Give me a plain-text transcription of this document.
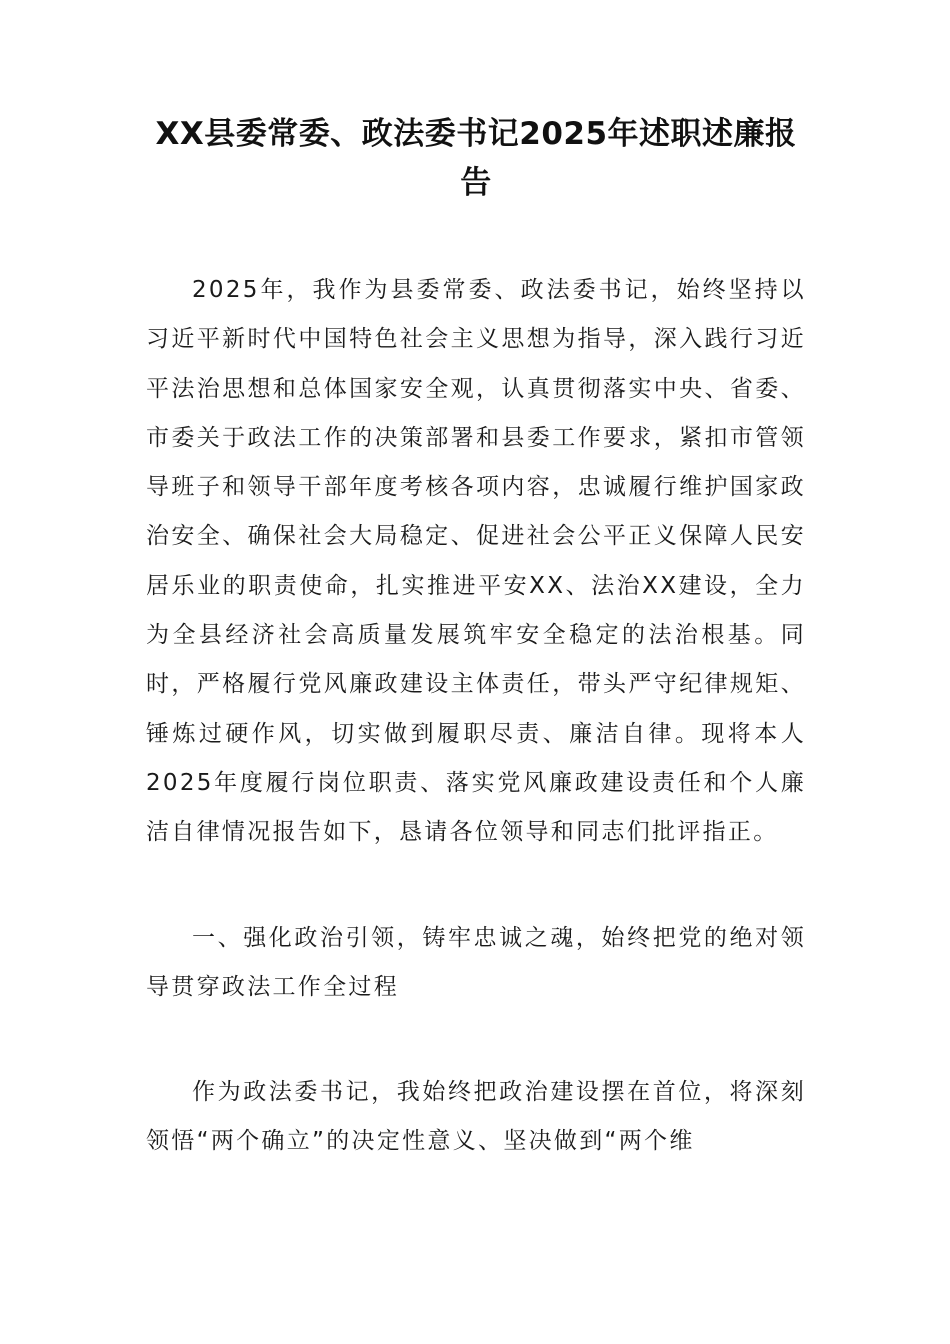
XX县委常委、政法委书记2025年述职述廉报告

2025年，我作为县委常委、政法委书记，始终坚持以习近平新时代中国特色社会主义思想为指导，深入践行习近平法治思想和总体国家安全观，认真贯彻落实中央、省委、市委关于政法工作的决策部署和县委工作要求，紧扣市管领导班子和领导干部年度考核各项内容，忠诚履行维护国家政治安全、确保社会大局稳定、促进社会公平正义保障人民安居乐业的职责使命，扎实推进平安XX、法治XX建设，全力为全县经济社会高质量发展筑牢安全稳定的法治根基。同时，严格履行党风廉政建设主体责任，带头严守纪律规矩、锤炼过硬作风，切实做到履职尽责、廉洁自律。现将本人2025年度履行岗位职责、落实党风廉政建设责任和个人廉洁自律情况报告如下，恳请各位领导和同志们批评指正。

一、强化政治引领，铸牢忠诚之魂，始终把党的绝对领导贯穿政法工作全过程

作为政法委书记，我始终把政治建设摆在首位，将深刻领悟“两个确立”的决定性意义、坚决做到“两个维
